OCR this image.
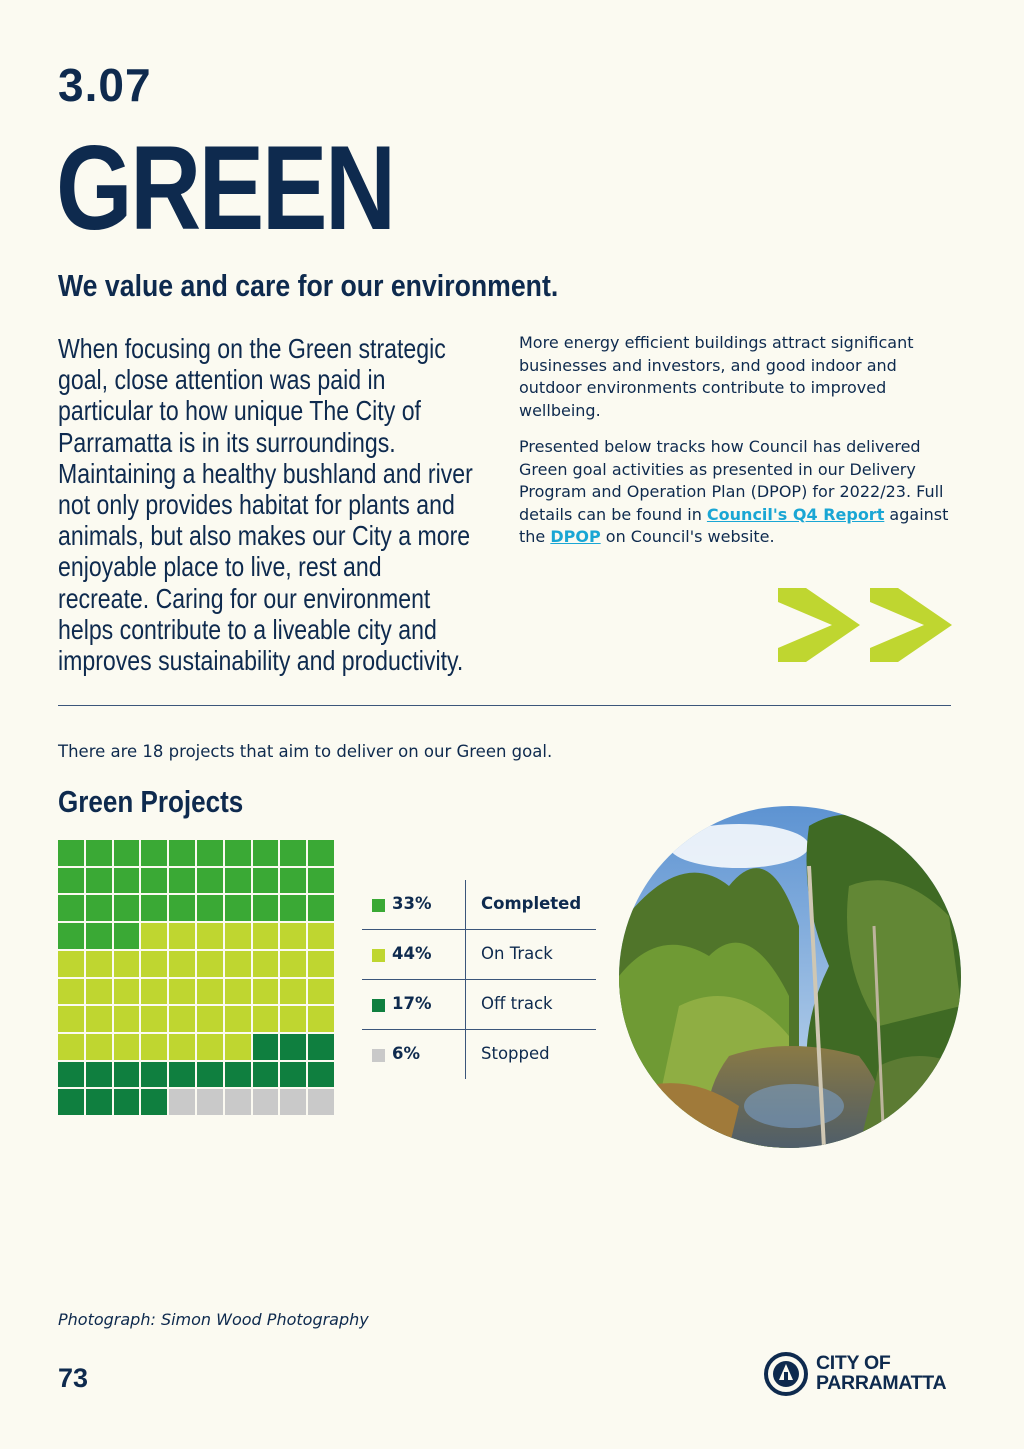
3.07
GREEN
We value and care for our environment.
When focusing on the Green strategic goal, close attention was paid in particular to how unique The City of Parramatta is in its surroundings. Maintaining a healthy bushland and river not only provides habitat for plants and animals, but also makes our City a more enjoyable place to live, rest and recreate. Caring for our environment helps contribute to a liveable city and improves sustainability and productivity.

More energy efficient buildings attract significant businesses and investors, and good indoor and outdoor environments contribute to improved wellbeing.

Presented below tracks how Council has delivered Green goal activities as presented in our Delivery Program and Operation Plan (DPOP) for 2022/23. Full details can be found in Council's Q4 Report against the DPOP on Council's website.

There are 18 projects that aim to deliver on our Green goal.
Green Projects
33%	Completed
44%	On Track
17%	Off track
6%	Stopped
Photograph: Simon Wood Photography
73	CITY OF
PARRAMATTA
